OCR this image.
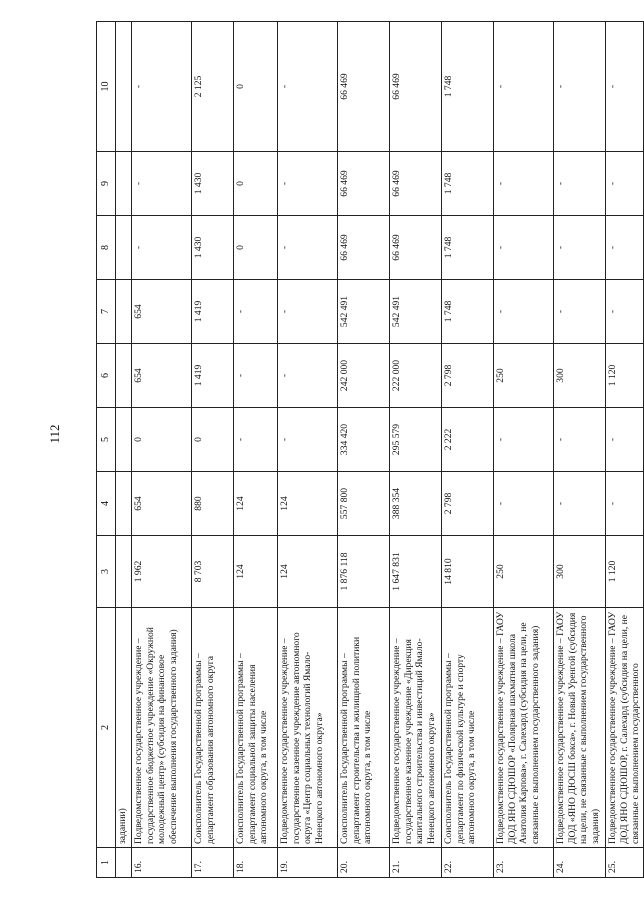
112
1	2	3	4	5	6	7	8	9	10
	задании)								
16.	Подведомственное государственное учреждение – государственное бюджетное учреждение «Окружной молодежный центр» (субсидия на финансовое обеспечение выполнения государственного задания)	1 962	654	0	654	654	-	-	-
17.	Соисполнитель Государственной программы – департамент образования автономного округа	8 703	880	0	1 419	1 419	1 430	1 430	2 125
18.	Соисполнитель Государственной программы – департамент социальной защиты населения автономного округа, в том числе	124	124	-	-	-	0	0	0
19.	Подведомственное государственное учреждение – государственное казенное учреждение автономного округа «Центр социальных технологий Ямало-Ненецкого автономного округа»	124	124	-	-	-	-	-	-
20.	Соисполнитель Государственной программы – департамент строительства и жилищной политики автономного округа, в том числе	1 876 118	557 800	334 420	242 000	542 491	66 469	66 469	66 469
21.	Подведомственное государственное учреждение – государственное казенное учреждение «Дирекция капитального строительства и инвестиций Ямало-Ненецкого автономного округа»	1 647 831	388 354	295 579	222 000	542 491	66 469	66 469	66 469
22.	Соисполнитель Государственной программы – департамент по физической культуре и спорту автономного округа, в том числе	14 810	2 798	2 222	2 798	1 748	1 748	1 748	1 748
23.	Подведомственное государственное учреждение – ГАОУ ДОД ЯНО СДЮШОР «Полярная шахматная школа Анатолия Карпова», г. Салехард (субсидия на цели, не связанные с выполнением государственного задания)	250	-	-	250	-	-	-	-
24.	Подведомственное государственное учреждение – ГАОУ ДОД «ЯНО ДЮСШ бокса», г. Новый Уренгой (субсидия на цели, не связанные с выполнением государственного задания)	300	-	-	300	-	-	-	-
25.	Подведомственное государственное учреждение – ГАОУ ДОД ЯНО СДЮШОР, г. Салехард (субсидия на цели, не связанные с выполнением государственного	1 120	-	-	1 120	-	-	-	-
